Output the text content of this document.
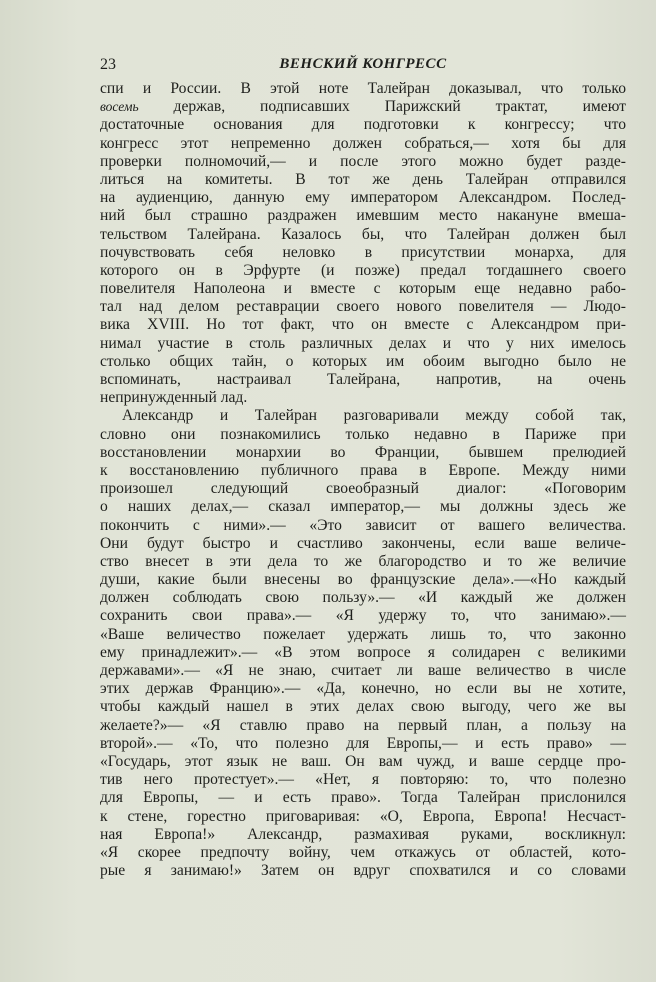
23	ВЕНСКИЙ КОНГРЕСС
спи и России. В этой ноте Талейран доказывал, что только
восемь держав, подписавших Парижский трактат, имеют
достаточные основания для подготовки к конгрессу; что
конгресс этот непременно должен собраться,— хотя бы для
проверки полномочий,— и после этого можно будет разде-
литься на комитеты. В тот же день Талейран отправился
на аудиенцию, данную ему императором Александром. Послед-
ний был страшно раздражен имевшим место накануне вмеша-
тельством Талейрана. Казалось бы, что Талейран должен был
почувствовать себя неловко в присутствии монарха, для
которого он в Эрфурте (и позже) предал тогдашнего своего
повелителя Наполеона и вместе с которым еще недавно рабо-
тал над делом реставрации своего нового повелителя — Людо-
вика XVIII. Но тот факт, что он вместе с Александром при-
нимал участие в столь различных делах и что у них имелось
столько общих тайн, о которых им обоим выгодно было не
вспоминать, настраивал Талейрана, напротив, на очень
непринужденный лад.
Александр и Талейран разговаривали между собой так,
словно они познакомились только недавно в Париже при
восстановлении монархии во Франции, бывшем прелюдией
к восстановлению публичного права в Европе. Между ними
произошел следующий своеобразный диалог: «Поговорим
о наших делах,— сказал император,— мы должны здесь же
покончить с ними».— «Это зависит от вашего величества.
Они будут быстро и счастливо закончены, если ваше величе-
ство внесет в эти дела то же благородство и то же величие
души, какие были внесены во французские дела».—«Но каждый
должен соблюдать свою пользу».— «И каждый же должен
сохранить свои права».— «Я удержу то, что занимаю».—
«Ваше величество пожелает удержать лишь то, что законно
ему принадлежит».— «В этом вопросе я солидарен с великими
державами».— «Я не знаю, считает ли ваше величество в числе
этих держав Францию».— «Да, конечно, но если вы не хотите,
чтобы каждый нашел в этих делах свою выгоду, чего же вы
желаете?»— «Я ставлю право на первый план, а пользу на
второй».— «То, что полезно для Европы,— и есть право» —
«Государь, этот язык не ваш. Он вам чужд, и ваше сердце про-
тив него протестует».— «Нет, я повторяю: то, что полезно
для Европы, — и есть право». Тогда Талейран прислонился
к стене, горестно приговаривая: «О, Европа, Европа! Несчаст-
ная Европа!» Александр, размахивая руками, воскликнул:
«Я скорее предпочту войну, чем откажусь от областей, кото-
рые я занимаю!» Затем он вдруг спохватился и со словами
